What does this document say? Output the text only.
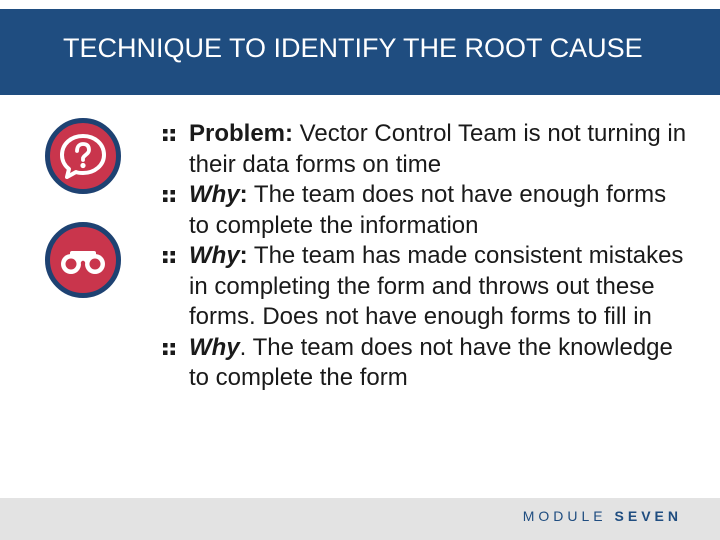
TECHNIQUE TO IDENTIFY THE ROOT CAUSE
Problem: Vector Control Team is not turning in their data forms on time
Why: The team does not have enough forms to complete the information
Why: The team has made consistent mistakes in completing the form and throws out these forms. Does not have enough forms to fill in
Why. The team does not have the knowledge to complete the form
MODULE SEVEN
